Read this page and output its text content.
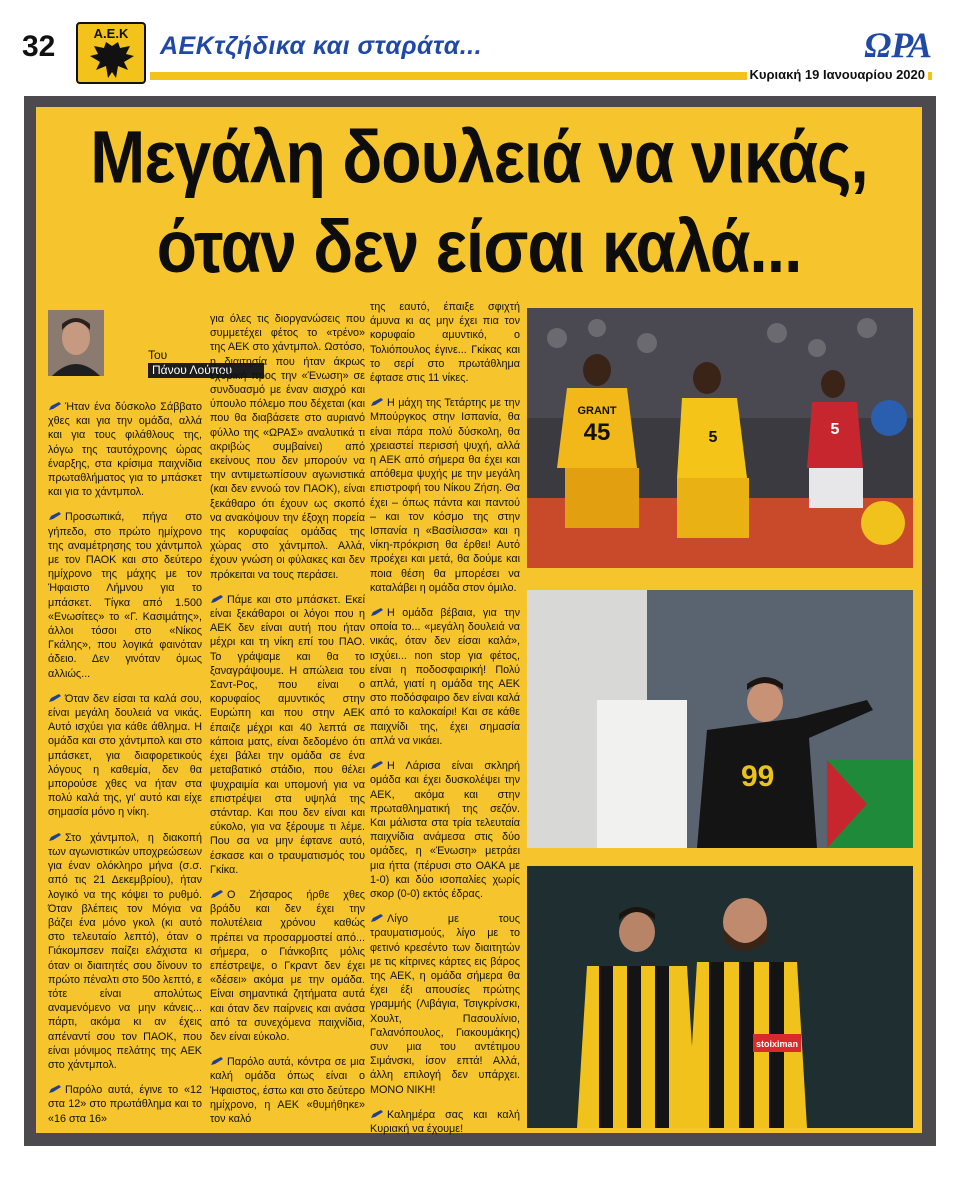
32	Α.Ε.Κ	ΑΕΚτζήδικα και σταράτα...	ΩΡΑ
Κυριακή 19 Ιανουαρίου 2020
Μεγάλη δουλειά να νικάς,
όταν δεν είσαι καλά...
Του
Πάνου Λούπου

Ήταν ένα δύσκολο Σάββατο χθες και για την ομάδα, αλλά και για τους φιλάθλους της, λόγω της ταυτόχρονης ώρας έναρξης, στα κρίσιμα παιχνίδια πρωταθλήματος για το μπάσκετ και για το χάντμπολ.

Προσωπικά, πήγα στο γήπεδο, στο πρώτο ημίχρονο της αναμέτρησης του χάντμπολ με τον ΠΑΟΚ και στο δεύτερο ημίχρονο της μάχης με τον Ήφαιστο Λήμνου για το μπάσκετ. Τίγκα από 1.500 «Ενωσίτες» το «Γ. Κασιμάτης», άλλοι τόσοι στο «Νίκος Γκάλης», που λογικά φαινόταν άδειο. Δεν γινόταν όμως αλλιώς...

Όταν δεν είσαι τα καλά σου, είναι μεγάλη δουλειά να νικάς. Αυτό ισχύει για κάθε άθλημα. Η ομάδα και στο χάντμπολ και στο μπάσκετ, για διαφορετικούς λόγους η καθεμία, δεν θα μπορούσε χθες να ήταν στα πολύ καλά της, γι' αυτό και είχε σημασία μόνο η νίκη.

Στο χάντμπολ, η διακοπή των αγωνιστικών υποχρεώσεων για έναν ολόκληρο μήνα (σ.σ. από τις 21 Δεκεμβρίου), ήταν λογικό να της κόψει το ρυθμό. Όταν βλέπεις τον Μόγια να βάζει ένα μόνο γκολ (κι αυτό στο τελευταίο λεπτό), όταν ο Γιάκομπσεν παίζει ελάχιστα κι όταν οι διαιτητές σου δίνουν το πρώτο πέναλτι στο 50ο λεπτό, ε τότε είναι απολύτως αναμενόμενο να μην κάνεις... πάρτι, ακόμα κι αν έχεις απέναντί σου τον ΠΑΟΚ, που είναι μόνιμος πελάτης της ΑΕΚ στο χάντμπολ.

Παρόλο αυτά, έγινε το «12 στα 12» στο πρωτάθλημα και το «16 στα 16»

για όλες τις διοργανώσεις που συμμετέχει φέτος το «τρένο» της ΑΕΚ στο χάντμπολ. Ωστόσο, η διαιτησία που ήταν άκρως εχθρική προς την «Ένωση» σε συνδυασμό με έναν αισχρό και ύπουλο πόλεμο που δέχεται (και που θα διαβάσετε στο αυριανό φύλλο της «ΩΡΑΣ» αναλυτικά τι ακριβώς συμβαίνει) από εκείνους που δεν μπορούν να την αντιμετωπίσουν αγωνιστικά (και δεν εννοώ τον ΠΑΟΚ), είναι ξεκάθαρο ότι έχουν ως σκοπό να ανακόψουν την έξοχη πορεία της κορυφαίας ομάδας της χώρας στο χάντμπολ. Αλλά, έχουν γνώση οι φύλακες και δεν πρόκειται να τους περάσει.

Πάμε και στο μπάσκετ. Εκεί είναι ξεκάθαροι οι λόγοι που η ΑΕΚ δεν είναι αυτή που ήταν μέχρι και τη νίκη επί του ΠΑΟ. Το γράψαμε και θα το ξαναγράψουμε. Η απώλεια του Σαντ-Ρος, που είναι ο κορυφαίος αμυντικός στην Ευρώπη και που στην ΑΕΚ έπαιζε μέχρι και 40 λεπτά σε κάποια ματς, είναι δεδομένο ότι έχει βάλει την ομάδα σε ένα μεταβατικό στάδιο, που θέλει ψυχραιμία και υπομονή για να επιστρέψει στα υψηλά της στάνταρ. Και που δεν είναι και εύκολο, για να ξέρουμε τι λέμε. Που σα να μην έφτανε αυτό, έσκασε και ο τραυματισμός του Γκίκα.

Ο Ζήσαρος ήρθε χθες βράδυ και δεν έχει την πολυτέλεια χρόνου καθώς πρέπει να προσαρμοστεί από... σήμερα, ο Γιάνκοβιτς μόλις επέστρεψε, ο Γκραντ δεν έχει «δέσει» ακόμα με την ομάδα. Είναι σημαντικά ζητήματα αυτά και όταν δεν παίρνεις και ανάσα από τα συνεχόμενα παιχνίδια, δεν είναι εύκολο.

Παρόλο αυτά, κόντρα σε μια καλή ομάδα όπως είναι ο Ήφαιστος, έστω και στο δεύτερο ημίχρονο, η ΑΕΚ «θυμήθηκε» τον καλό

της εαυτό, έπαιξε σφιχτή άμυνα κι ας μην έχει πια τον κορυφαίο αμυντικό, ο Τολιόπουλος έγινε... Γκίκας και το σερί στο πρωτάθλημα έφτασε στις 11 νίκες.

Η μάχη της Τετάρτης με την Μπούργκος στην Ισπανία, θα είναι πάρα πολύ δύσκολη, θα χρειαστεί περισσή ψυχή, αλλά η ΑΕΚ από σήμερα θα έχει και απόθεμα ψυχής με την μεγάλη επιστροφή του Νίκου Ζήση. Θα έχει – όπως πάντα και παντού – και τον κόσμο της στην Ισπανία η «Βασίλισσα» και η νίκη-πρόκριση θα έρθει! Αυτό προέχει και μετά, θα δούμε και ποια θέση θα μπορέσει να καταλάβει η ομάδα στον όμιλο.

Η ομάδα βέβαια, για την οποία το... «μεγάλη δουλειά να νικάς, όταν δεν είσαι καλά», ισχύει... non stop για φέτος, είναι η ποδοσφαιρική! Πολύ απλά, γιατί η ομάδα της ΑΕΚ στο ποδόσφαιρο δεν είναι καλά από το καλοκαίρι! Και σε κάθε παιχνίδι της, έχει σημασία απλά να νικάει.

Η Λάρισα είναι σκληρή ομάδα και έχει δυσκολέψει την ΑΕΚ, ακόμα και στην πρωταθληματική της σεζόν. Και μάλιστα στα τρία τελευταία παιχνίδια ανάμεσα στις δύο ομάδες, η «Ένωση» μετράει μια ήττα (πέρυσι στο ΟΑΚΑ με 1-0) και δύο ισοπαλίες χωρίς σκορ (0-0) εκτός έδρας.

Λίγο με τους τραυματισμούς, λίγο με το φετινό κρεσέντο των διαιτητών με τις κίτρινες κάρτες εις βάρος της ΑΕΚ, η ομάδα σήμερα θα έχει έξι απουσίες πρώτης γραμμής (Λιβάγια, Τσιγκρίνσκι, Χουλτ, Πασουλίνιο, Γαλανόπουλος, Γιακουμάκης) συν μια του αντέτιμου Σιμάνσκι, ίσον επτά! Αλλά, άλλη επιλογή δεν υπάρχει. ΜΟΝΟ ΝΙΚΗ!

Καλημέρα σας και καλή Κυριακή να έχουμε!

GRANT
45	5	5
99
stoiximan
